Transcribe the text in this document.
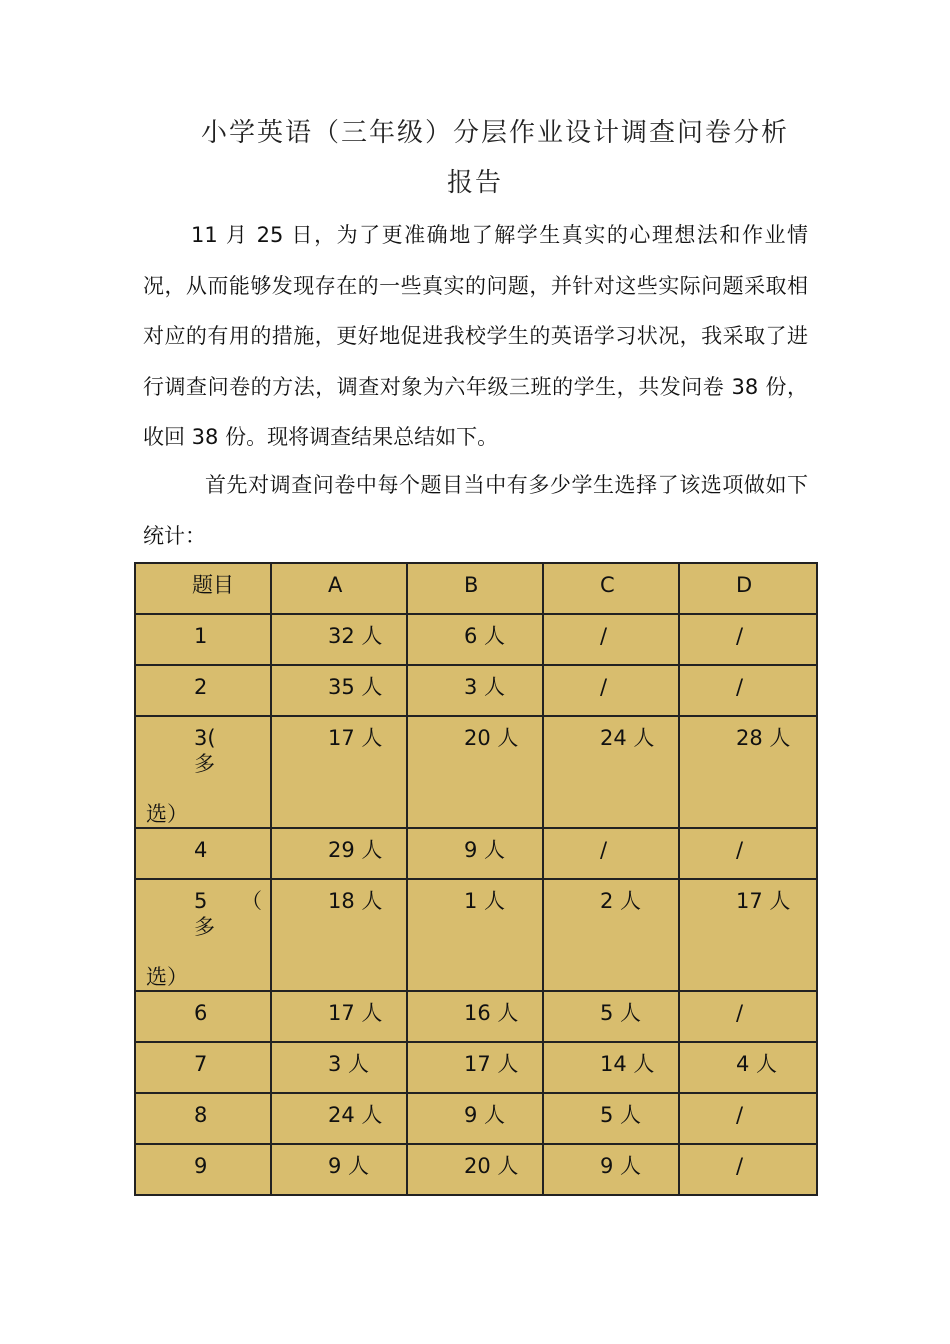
小学英语（三年级）分层作业设计调查问卷分析
报告
11 月 25 日，为了更准确地了解学生真实的心理想法和作业情况，从而能够发现存在的一些真实的问题，并针对这些实际问题采取相对应的有用的措施，更好地促进我校学生的英语学习状况，我采取了进行调查问卷的方法，调查对象为六年级三班的学生，共发问卷 38 份，收回 38 份。现将调查结果总结如下。
首先对调查问卷中每个题目当中有多少学生选择了该选项做如下统计：
题目	A	B	C	D
1	32 人	6 人	/	/
2	35 人	3 人	/	/

3(　 多
选）	17 人	20 人	24 人	28 人
4	29 人	9 人	/	/

5 （ 多
选）	18 人	1 人	2 人	17 人
6	17 人	16 人	5 人	/
7	3 人	17 人	14 人	4 人
8	24 人	9 人	5 人	/
9	9 人	20 人	9 人	/
